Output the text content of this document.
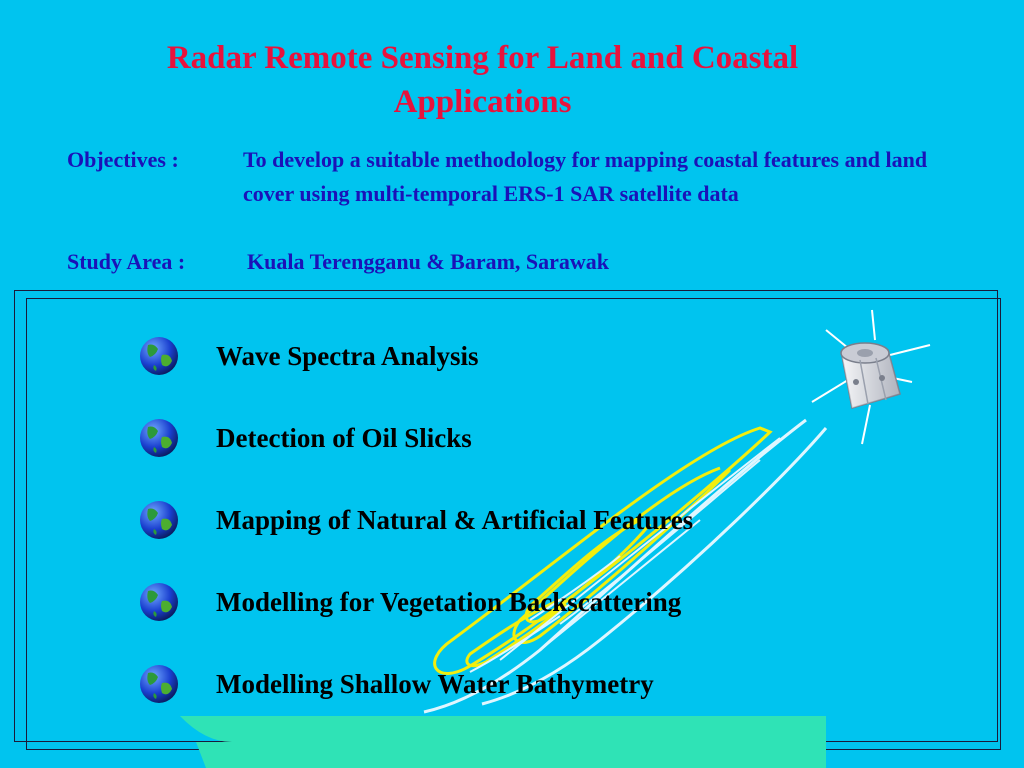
Radar Remote Sensing for Land and Coastal Applications
Objectives :	To develop a suitable methodology for mapping coastal features and land cover using multi-temporal ERS-1 SAR satellite data
Study Area :	Kuala Terengganu & Baram, Sarawak
Wave Spectra Analysis
Detection of Oil Slicks
Mapping of Natural & Artificial Features
Modelling for Vegetation Backscattering
Modelling Shallow Water Bathymetry
